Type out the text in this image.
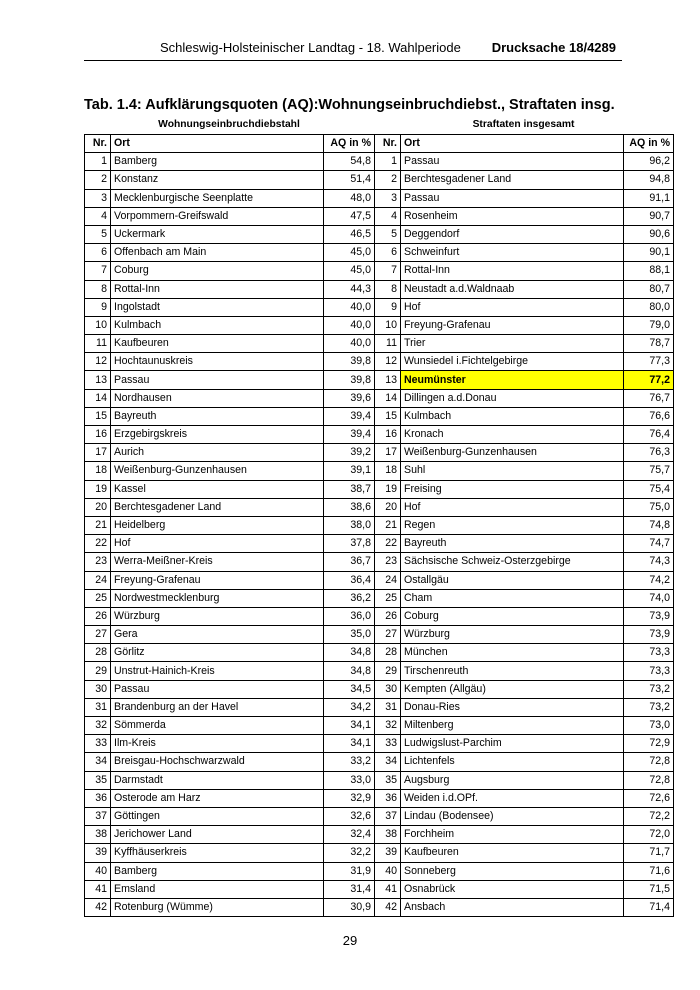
Schleswig-Holsteinischer Landtag - 18. Wahlperiode Drucksache 18/4289
Tab. 1.4: Aufklärungsquoten (AQ):Wohnungseinbruchdiebst., Straftaten insg.
Wohnungseinbruchdiebstahl	Straftaten insgesamt
Nr.	Ort	AQ in %	Nr.	Ort	AQ in %
1	Bamberg	54,8	1	Passau	96,2
2	Konstanz	51,4	2	Berchtesgadener Land	94,8
3	Mecklenburgische Seenplatte	48,0	3	Passau	91,1
4	Vorpommern-Greifswald	47,5	4	Rosenheim	90,7
5	Uckermark	46,5	5	Deggendorf	90,6
6	Offenbach am Main	45,0	6	Schweinfurt	90,1
7	Coburg	45,0	7	Rottal-Inn	88,1
8	Rottal-Inn	44,3	8	Neustadt a.d.Waldnaab	80,7
9	Ingolstadt	40,0	9	Hof	80,0
10	Kulmbach	40,0	10	Freyung-Grafenau	79,0
11	Kaufbeuren	40,0	11	Trier	78,7
12	Hochtaunuskreis	39,8	12	Wunsiedel i.Fichtelgebirge	77,3
13	Passau	39,8	13	Neumünster	77,2
14	Nordhausen	39,6	14	Dillingen a.d.Donau	76,7
15	Bayreuth	39,4	15	Kulmbach	76,6
16	Erzgebirgskreis	39,4	16	Kronach	76,4
17	Aurich	39,2	17	Weißenburg-Gunzenhausen	76,3
18	Weißenburg-Gunzenhausen	39,1	18	Suhl	75,7
19	Kassel	38,7	19	Freising	75,4
20	Berchtesgadener Land	38,6	20	Hof	75,0
21	Heidelberg	38,0	21	Regen	74,8
22	Hof	37,8	22	Bayreuth	74,7
23	Werra-Meißner-Kreis	36,7	23	Sächsische Schweiz-Osterzgebirge	74,3
24	Freyung-Grafenau	36,4	24	Ostallgäu	74,2
25	Nordwestmecklenburg	36,2	25	Cham	74,0
26	Würzburg	36,0	26	Coburg	73,9
27	Gera	35,0	27	Würzburg	73,9
28	Görlitz	34,8	28	München	73,3
29	Unstrut-Hainich-Kreis	34,8	29	Tirschenreuth	73,3
30	Passau	34,5	30	Kempten (Allgäu)	73,2
31	Brandenburg an der Havel	34,2	31	Donau-Ries	73,2
32	Sömmerda	34,1	32	Miltenberg	73,0
33	Ilm-Kreis	34,1	33	Ludwigslust-Parchim	72,9
34	Breisgau-Hochschwarzwald	33,2	34	Lichtenfels	72,8
35	Darmstadt	33,0	35	Augsburg	72,8
36	Osterode am Harz	32,9	36	Weiden i.d.OPf.	72,6
37	Göttingen	32,6	37	Lindau (Bodensee)	72,2
38	Jerichower Land	32,4	38	Forchheim	72,0
39	Kyffhäuserkreis	32,2	39	Kaufbeuren	71,7
40	Bamberg	31,9	40	Sonneberg	71,6
41	Emsland	31,4	41	Osnabrück	71,5
42	Rotenburg (Wümme)	30,9	42	Ansbach	71,4
29
